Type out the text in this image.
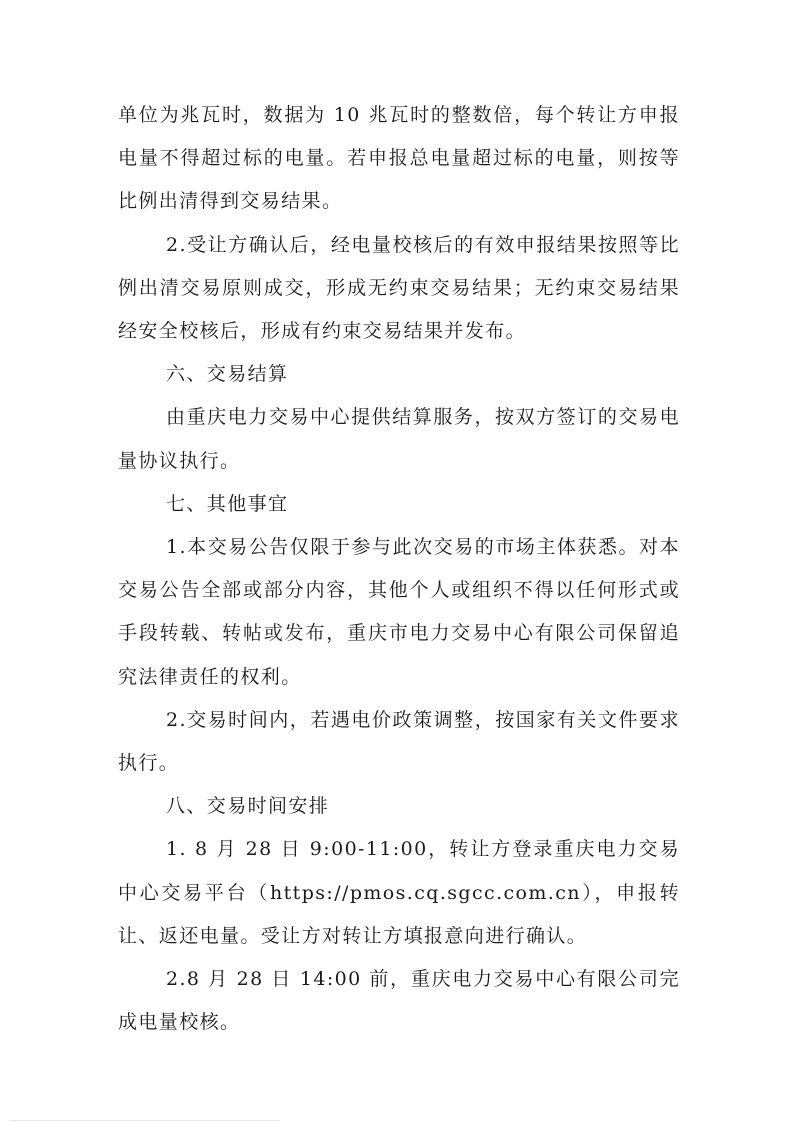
单位为兆瓦时，数据为 10 兆瓦时的整数倍，每个转让方申报电量不得超过标的电量。若申报总电量超过标的电量，则按等比例出清得到交易结果。

2.受让方确认后，经电量校核后的有效申报结果按照等比例出清交易原则成交，形成无约束交易结果；无约束交易结果经安全校核后，形成有约束交易结果并发布。

六、交易结算

由重庆电力交易中心提供结算服务，按双方签订的交易电量协议执行。

七、其他事宜

1.本交易公告仅限于参与此次交易的市场主体获悉。对本交易公告全部或部分内容，其他个人或组织不得以任何形式或手段转载、转帖或发布，重庆市电力交易中心有限公司保留追究法律责任的权利。

2.交易时间内，若遇电价政策调整，按国家有关文件要求执行。

八、交易时间安排

1. 8 月 28 日 9:00-11:00，转让方登录重庆电力交易中心交易平台（https://pmos.cq.sgcc.com.cn），申报转让、返还电量。受让方对转让方填报意向进行确认。

2.8 月 28 日 14:00 前，重庆电力交易中心有限公司完成电量校核。
